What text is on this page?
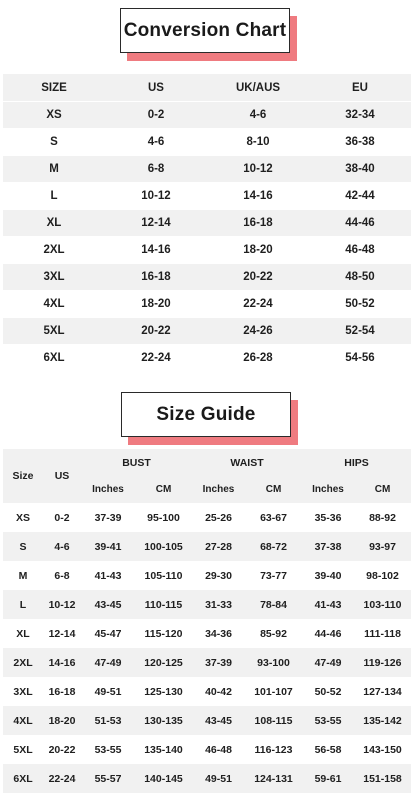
Conversion Chart
SIZE	US	UK/AUS	EU
XS	0-2	4-6	32-34
S	4-6	8-10	36-38
M	6-8	10-12	38-40
L	10-12	14-16	42-44
XL	12-14	16-18	44-46
2XL	14-16	18-20	46-48
3XL	16-18	20-22	48-50
4XL	18-20	22-24	50-52
5XL	20-22	24-26	52-54
6XL	22-24	26-28	54-56
Size Guide
Size	US	BUST		WAIST		HIPS	
		Inches	CM	Inches	CM	Inches	CM
XS	0-2	37-39	95-100	25-26	63-67	35-36	88-92
S	4-6	39-41	100-105	27-28	68-72	37-38	93-97
M	6-8	41-43	105-110	29-30	73-77	39-40	98-102
L	10-12	43-45	110-115	31-33	78-84	41-43	103-110
XL	12-14	45-47	115-120	34-36	85-92	44-46	111-118
2XL	14-16	47-49	120-125	37-39	93-100	47-49	119-126
3XL	16-18	49-51	125-130	40-42	101-107	50-52	127-134
4XL	18-20	51-53	130-135	43-45	108-115	53-55	135-142
5XL	20-22	53-55	135-140	46-48	116-123	56-58	143-150
6XL	22-24	55-57	140-145	49-51	124-131	59-61	151-158
